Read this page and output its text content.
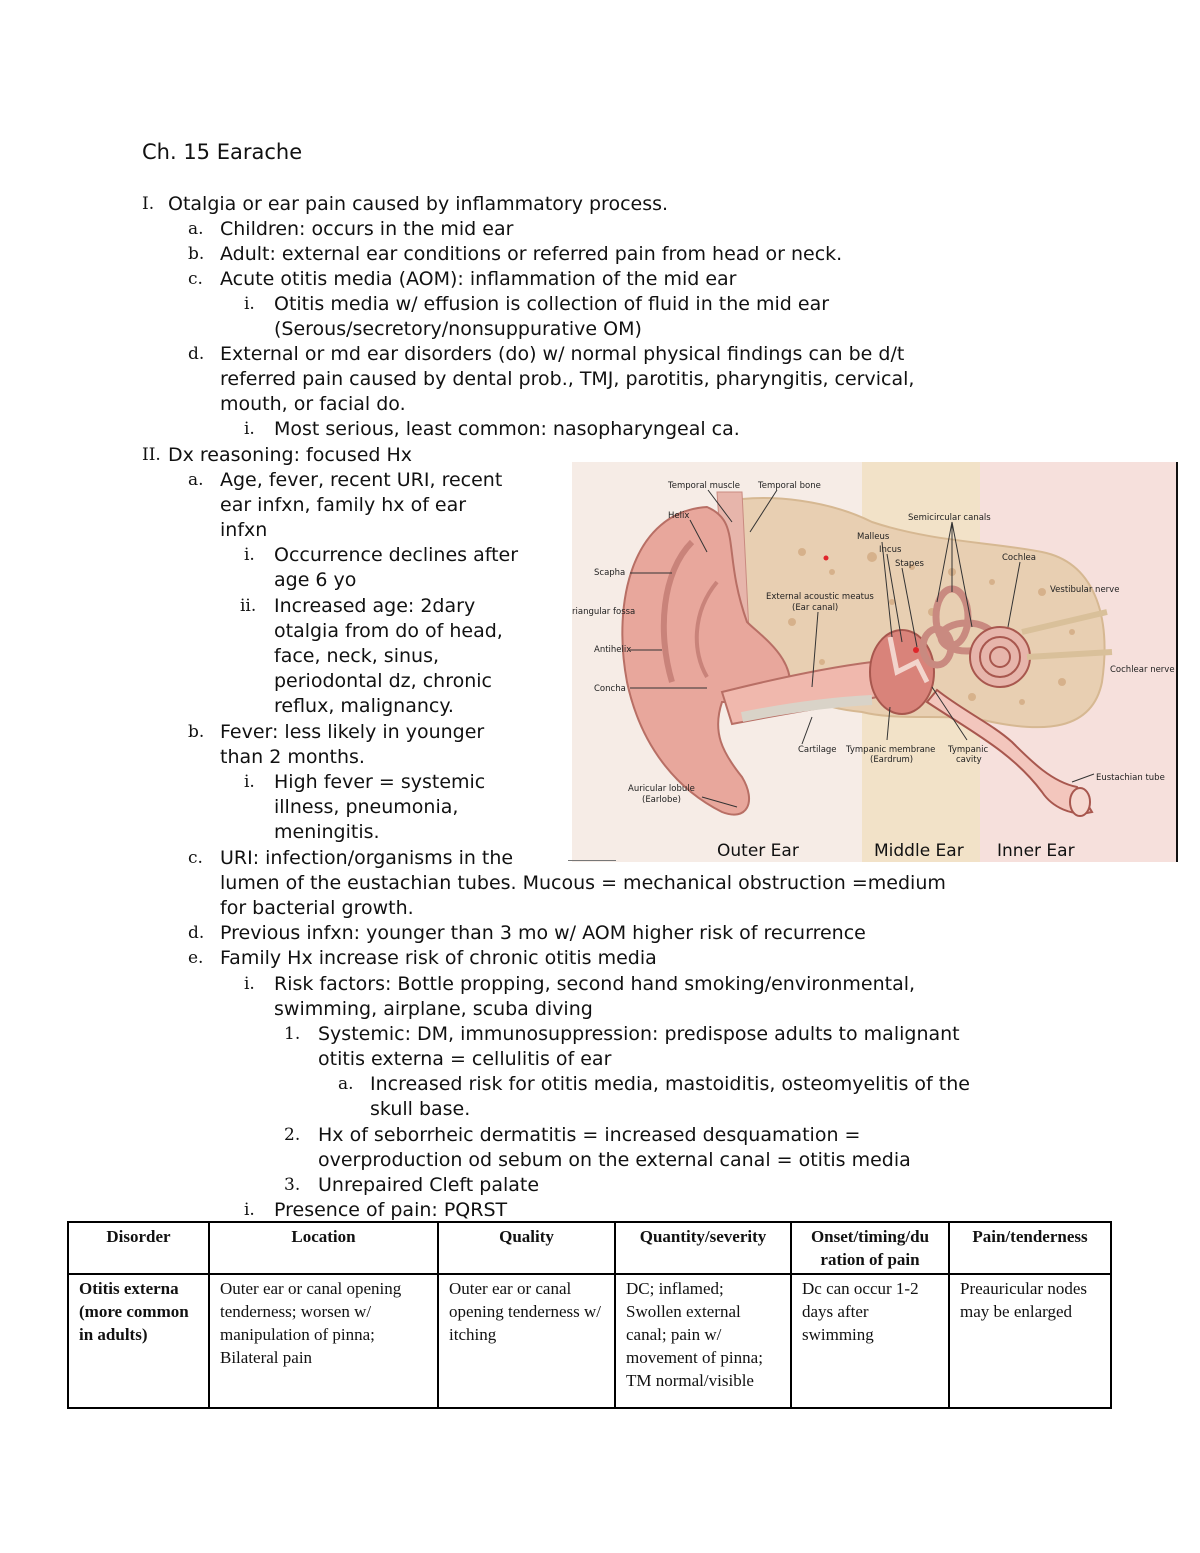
Ch. 15 Earache
I. Otalgia or ear pain caused by inflammatory process.
a. Children: occurs in the mid ear
b. Adult: external ear conditions or referred pain from head or neck.
c. Acute otitis media (AOM): inflammation of the mid ear
i. Otitis media w/ effusion is collection of fluid in the mid ear
(Serous/secretory/nonsuppurative OM)
d. External or md ear disorders (do) w/ normal physical findings can be d/t
referred pain caused by dental prob., TMJ, parotitis, pharyngitis, cervical,
mouth, or facial do.
i. Most serious, least common: nasopharyngeal ca.
II. Dx reasoning: focused Hx
a. Age, fever, recent URI, recent
ear infxn, family hx of ear
infxn
i. Occurrence declines after
age 6 yo
ii. Increased age: 2dary
otalgia from do of head,
face, neck, sinus,
periodontal dz, chronic
reflux, malignancy.
b. Fever: less likely in younger
than 2 months.
i. High fever = systemic
illness, pneumonia,
meningitis.
c. URI: infection/organisms in the
lumen of the eustachian tubes. Mucous = mechanical obstruction =medium
for bacterial growth.
d. Previous infxn: younger than 3 mo w/ AOM higher risk of recurrence
e. Family Hx increase risk of chronic otitis media
i. Risk factors: Bottle propping, second hand smoking/environmental,
swimming, airplane, scuba diving
1. Systemic: DM, immunosuppression: predispose adults to malignant
otitis externa = cellulitis of ear
a. Increased risk for otitis media, mastoiditis, osteomyelitis of the
skull base.
2. Hx of seborrheic dermatitis = increased desquamation =
overproduction od sebum on the external canal = otitis media
3. Unrepaired Cleft palate
i. Presence of pain: PQRST
Temporal muscle Temporal bone
Helix	Semicircular canals
Malleus
Incus
Cochlea
Stapes
Scapha
Vestibular nerve
External acoustic meatus
(Ear canal)
riangular fossa
Antihelix
Cochlear nerve
Concha
Cartilage Tympanic membrane
(Eardrum)
Tympanic
cavity
Eustachian tube
Auricular lobule
(Earlobe)
Outer Ear	Middle Ear Inner Ear
Disorder	Location	Quality	Quantity/severity	Onset/timing/du ration of pain	Pain/tenderness
Otitis externa (more common in adults)	Outer ear or canal opening tenderness; worsen w/ manipulation of pinna; Bilateral pain	Outer ear or canal opening tenderness w/ itching	DC; inflamed; Swollen external canal; pain w/ movement of pinna; TM normal/visible	Dc can occur 1-2 days after swimming	Preauricular nodes may be enlarged
